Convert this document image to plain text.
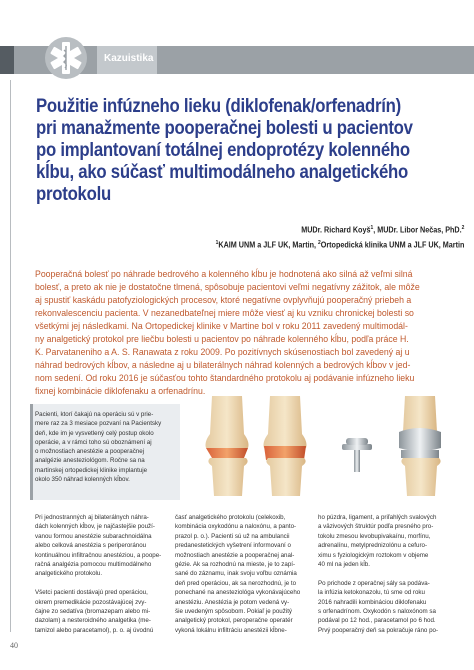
Kazuistika
Použitie infúzneho lieku (diklofenak/orfenadrín)
pri manažmente pooperačnej bolesti u pacientov
po implantovaní totálnej endoprotézy kolenného
kĺbu, ako súčasť multimodálneho analgetického
protokolu
MUDr. Richard Koyš$^1$, MUDr. Libor Nečas, PhD.$^2$
$^1$KAIM UNM a JLF UK, Martin, $^2$Ortopedická klinika UNM a JLF UK, Martin
Pooperačná bolesť po náhrade bedrového a kolenného kĺbu je hodnotená ako silná až veľmi silná
bolesť, a preto ak nie je dostatočne tlmená, spôsobuje pacientovi veľmi negatívny zážitok, ale môže
aj spustiť kaskádu patofyziologických procesov, ktoré negatívne ovplyvňujú pooperačný priebeh a
rekonvalescenciu pacienta. V nezanedbateľnej miere môže viesť aj ku vzniku chronickej bolesti so
všetkými jej následkami. Na Ortopedickej klinike v Martine bol v roku 2011 zavedený multimodál-
ny analgetický protokol pre liečbu bolesti u pacientov po náhrade kolenného kĺbu, podľa práce H.
K. Parvataneniho a A. S. Ranawata z roku 2009. Po pozitívnych skúsenostiach bol zavedený aj u
náhrad bedrových kĺbov, a následne aj u bilaterálnych náhrad kolenných a bedrových kĺbov v jed-
nom sedení. Od roku 2016 je súčasťou tohto štandardného protokolu aj podávanie infúzneho lieku
fixnej kombinácie diklofenaku a orfenadrínu.
Pacienti, ktorí čakajú na operáciu sú v prie-
mere raz za 3 mesiace pozvaní na Pacientsky
deň, kde im je vysvetlený celý postup okolo
operácie, a v rámci toho sú oboznámení aj
o možnostiach anestézie a pooperačnej
analgézie anesteziológom. Ročne sa na
martinskej ortopedickej klinike implantuje
okolo 350 náhrad kolenných kĺbov.
Pri jednostranných aj bilaterálnych náhra-
dách kolenných kĺbov, je najčastejšie použí-
vanou formou anestézie subarachnoidálna
alebo celková anestézia s periperoránou
kontinuálnou infiltračnou anestéziou, a poope-
račná analgézia pomocou multimodálneho
analgetického protokolu.

Všetci pacienti dostávajú pred operáciou,
okrem premedikácie pozostávajúcej zvy-
čajne zo sedatíva (bromazepam alebo mi-
dazolam) a nesteroidného analgetika (me-
tamizol alebo paracetamol), p. o. aj úvodnú
časť analgetického protokolu (celekoxib,
kombinácia oxykodónu a naloxónu, a panto-
prazol p. o.). Pacienti sú už na ambulancii
predanestetických vyšetrení informovaní o
možnostiach anestézie a pooperačnej anal-
gézie. Ak sa rozhodnú na mieste, je to zapí-
sané do záznamu, inak svoju voľbu oznámia
deň pred operáciou, ak sa nerozhodnú, je to
ponechané na anesteziológa vykonávajúceho
anestéziu. Anestézia je potom vedená vy-
šie uvedeným spôsobom. Pokiaľ je použitý
analgetický protokol, peroperačne operatér
vykoná lokálnu infiltráciu anestézii kĺbne-
ho púzdra, ligament, a priľahlých svalových
a väzivových štruktúr podľa presného pro-
tokolu zmesou levobupivakaínu, morfínu,
adrenalínu, metylprednizolónu a cefuro-
ximu s fyziologickým roztokom v objeme
40 ml na jeden kĺb.

Po prichode z operačnej sály sa podáva-
la infúzia ketokonazolu, tú sme od roku
2016 nahradili kombináciou diklofenaku
s orfenadrínom. Oxykodón s naloxónom sa
podával po 12 hod., paracetamol po 6 hod.
Prvý pooperačný deň sa pokračuje ráno po-
40
